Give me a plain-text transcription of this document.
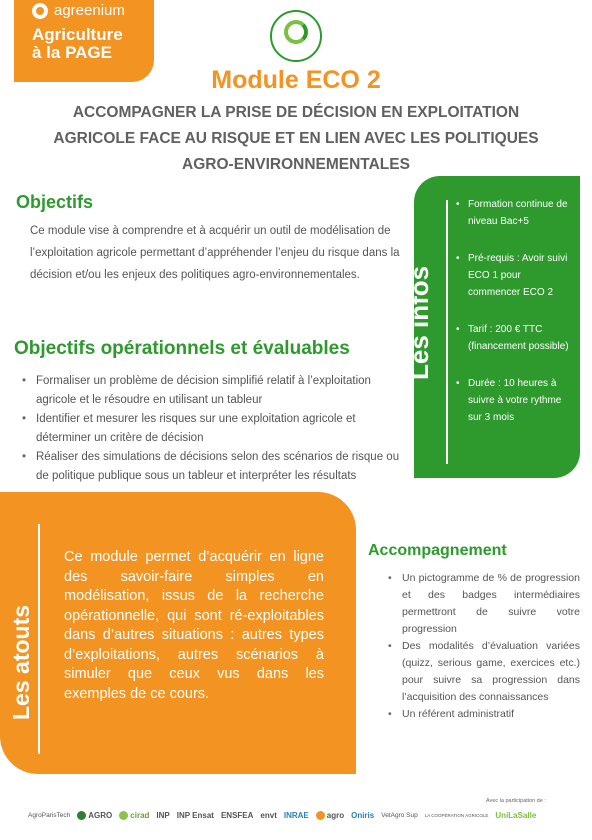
agreenium
Agriculture
à la PAGE
Module ECO 2
ACCOMPAGNER LA PRISE DE DÉCISION EN EXPLOITATION AGRICOLE FACE AU RISQUE ET EN LIEN AVEC LES POLITIQUES AGRO-ENVIRONNEMENTALES
Objectifs

Ce module vise à comprendre et à acquérir un outil de modélisation de l’exploitation agricole permettant d’appréhender l’enjeu du risque dans la décision et/ou les enjeux des politiques agro-environnementales.

Objectifs opérationnels et évaluables
• Formaliser un problème de décision simplifié relatif à l’exploitation agricole et le résoudre en utilisant un tableur
• Identifier et mesurer les risques sur une exploitation agricole et déterminer un critère de décision
• Réaliser des simulations de décisions selon des scénarios de risque ou de politique publique sous un tableur et interpréter les résultats
Les infos
• Formation continue de niveau Bac+5
• Pré-requis : Avoir suivi ECO 1 pour commencer ECO 2
• Tarif : 200 € TTC (financement possible)
• Durée : 10 heures à suivre à votre rythme sur 3 mois
Les atouts

Ce module permet d’acquérir en ligne des savoir-faire simples en modélisation, issus de la recherche opérationnelle, qui sont ré-exploitables dans d’autres situations : autres types d’exploitations, autres scénarios à simuler que ceux vus dans les exemples de ce cours.

Accompagnement
• Un pictogramme de % de progression et des badges intermédiaires permettront de suivre votre progression
• Des modalités d’évaluation variées (quizz, serious game, exercices etc.) pour suivre sa progression dans l’acquisition des connaissances
• Un référent administratif
Avec la participation de :
AgroParisTech AGRO cirad INP INP Ensat ENSFEA envt INRAE agro Oniris VetAgro Sup LA COOPÉRATION AGRICOLE UniLaSalle
